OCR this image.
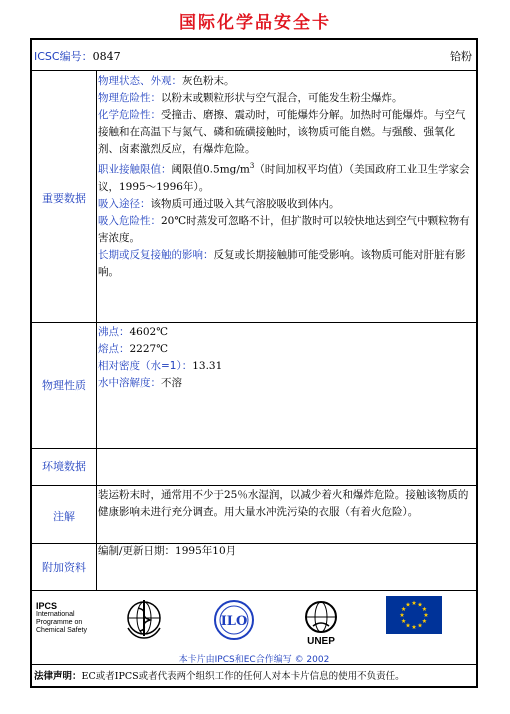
国际化学品安全卡
ICSC编号：0847	铪粉
重要数据

物理状态、外观：灰色粉末。

物理危险性：以粉末或颗粒形状与空气混合，可能发生粉尘爆炸。

化学危险性：受撞击、磨擦、震动时，可能爆炸分解。加热时可能爆炸。与空气接触和在高温下与氮气、磷和硫磺接触时，该物质可能自燃。与强酸、强氧化剂、卤素激烈反应，有爆炸危险。

职业接触限值：阈限值$0.5mg/m^3$（时间加权平均值）（美国政府工业卫生学家会议，1995～1996年）。

吸入途径：该物质可通过吸入其气溶胶吸收到体内。

吸入危险性：20℃时蒸发可忽略不计，但扩散时可以较快地达到空气中颗粒物有害浓度。

长期或反复接触的影响：反复或长期接触肺可能受影响。该物质可能对肝脏有影响。

物理性质

沸点：4602℃

熔点：2227℃

相对密度（水=1）：13.31

水中溶解度：不溶

环境数据
注解
装运粉末时，通常用不少于25％水湿润，以减少着火和爆炸危险。接触该物质的健康影响未进行充分调查。用大量水冲洗污染的衣服（有着火危险）。
附加资料
编制/更新日期：1995年10月
IPCS
International
Programme on
Chemical Safety
ILO
UNEP
本卡片由IPCS和EC合作编写 © 2002
法律声明：EC或者IPCS或者代表两个组织工作的任何人对本卡片信息的使用不负责任。
